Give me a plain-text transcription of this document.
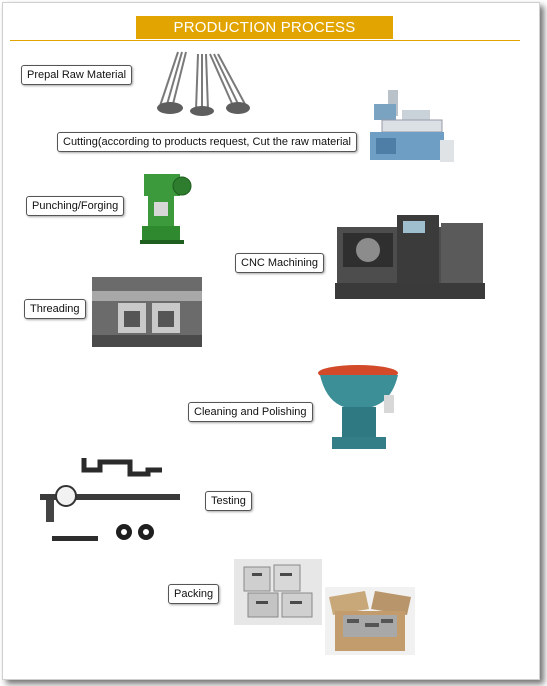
PRODUCTION PROCESS
Prepal Raw Material
Cutting(according to products request, Cut the raw material
Punching/Forging
CNC Machining
Threading
Cleaning and Polishing
Testing
Packing
